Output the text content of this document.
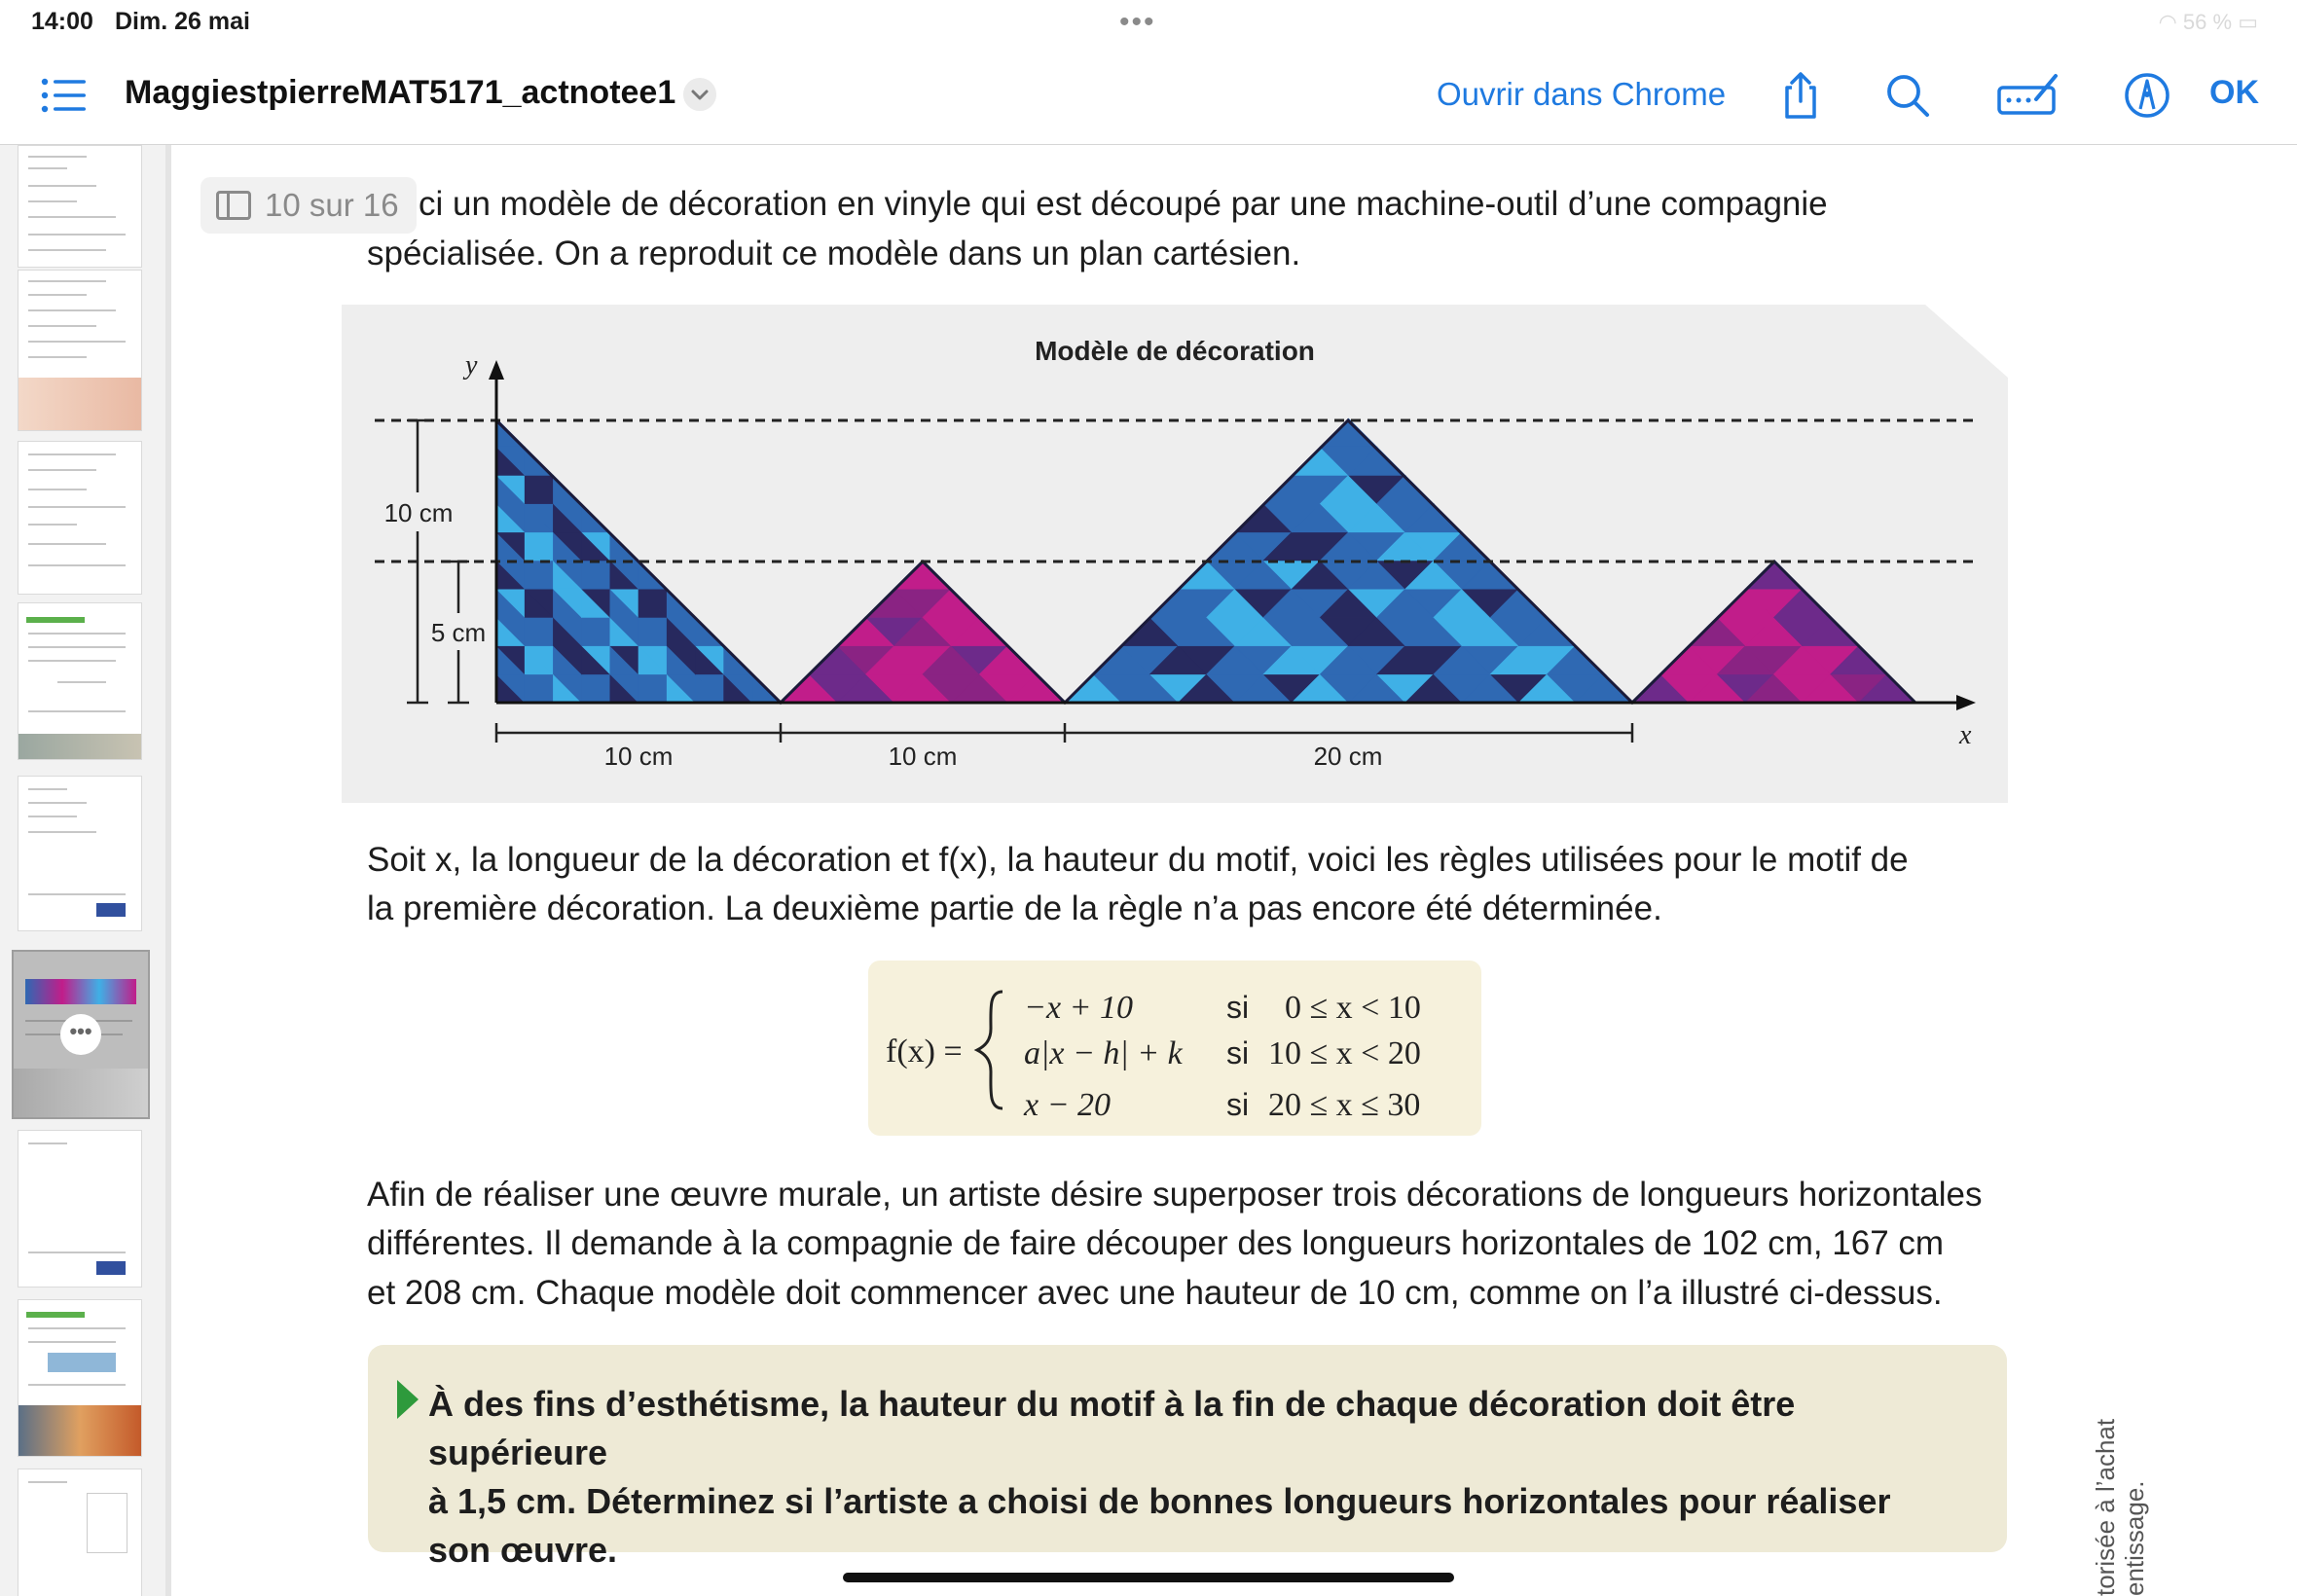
14:00 Dim. 26 mai	•••	◠ 56 % ▭
MaggiestpierreMAT5171_actnotee1	Ouvrir dans Chrome	OK
•••
10 sur 16 ci un modèle de décoration en vinyle qui est découpé par une machine-outil d’une compagnie
spécialisée. On a reproduit ce modèle dans un plan cartésien.
Modèle de décoration
y
x
10 cm
5 cm
10 cm	10 cm	20 cm
Soit x, la longueur de la décoration et f(x), la hauteur du motif, voici les règles utilisées pour le motif de
la première décoration. La deuxième partie de la règle n’a pas encore été déterminée.
f(x) =
−x + 10	si 0 ≤ x < 10
a|x − h| + k si 10 ≤ x < 20
x − 20	si 20 ≤ x ≤ 30
Afin de réaliser une œuvre murale, un artiste désire superposer trois décorations de longueurs horizontales
différentes. Il demande à la compagnie de faire découper des longueurs horizontales de 102 cm, 167 cm
et 208 cm. Chaque modèle doit commencer avec une hauteur de 10 cm, comme on l’a illustré ci-dessus.
À des fins d’esthétisme, la hauteur du motif à la fin de chaque décoration doit être supérieure
à 1,5 cm. Déterminez si l’artiste a choisi de bonnes longueurs horizontales pour réaliser
son œuvre.	torisée à l’achat entissage.
